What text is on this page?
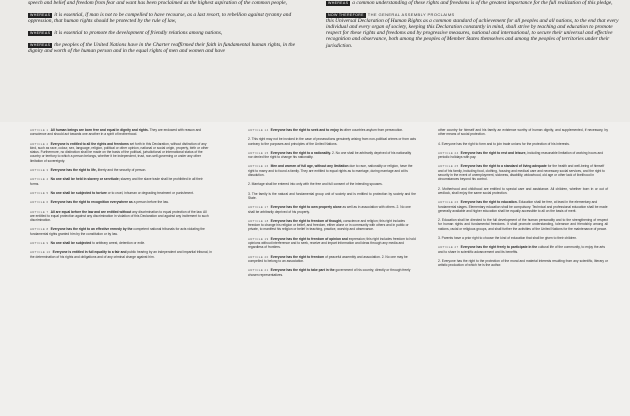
speech and belief and freedom from fear and want has been proclaimed as the highest aspiration of the common people,

WHEREAS it is essential, if man is not to be compelled to have recourse, as a last resort, to rebellion against tyranny and oppression, that human rights should be protected by the rule of law,

WHEREAS it is essential to promote the development of friendly relations among nations,

WHEREAS the peoples of the United Nations have in the Charter reaffirmed their faith in fundamental human rights, in the dignity and worth of the human person and in the equal rights of men and women and have

WHEREAS a common understanding of these rights and freedoms is of the greatest importance for the full realization of this pledge,

NOW THEREFORE THE GENERAL ASSEMBLY PROCLAIMS
this Universal Declaration of Human Rights as a common standard of achievement for all peoples and all nations, to the end that every individual and every organ of society, keeping this Declaration constantly in mind, shall strive by teaching and education to promote respect for these rights and freedoms and by progressive measures, national and international, to secure their universal and effective recognition and observance, both among the peoples of Member States themselves and among the peoples of territories under their jurisdiction.

ARTICLE 1 All human beings are born free and equal in dignity and rights. They are endowed with reason and conscience and should act towards one another in a spirit of brotherhood.

ARTICLE 2 Everyone is entitled to all the rights and freedoms set forth in this Declaration, without distinction of any kind, such as race, colour, sex, language, religion, political or other opinion, national or social origin, property, birth or other status. Furthermore, no distinction shall be made on the basis of the political, jurisdictional or international status of the country or territory to which a person belongs, whether it be independent, trust, non-self-governing or under any other limitation of sovereignty.

ARTICLE 3 Everyone has the right to life, liberty and the security of person.

ARTICLE 4 No one shall be held in slavery or servitude; slavery and the slave trade shall be prohibited in all their forms.

ARTICLE 5 No one shall be subjected to torture or to cruel, inhuman or degrading treatment or punishment.

ARTICLE 6 Everyone has the right to recognition everywhere as a person before the law.

ARTICLE 7 All are equal before the law and are entitled without any discrimination to equal protection of the law. All are entitled to equal protection against any discrimination in violation of this Declaration and against any incitement to such discrimination.

ARTICLE 8 Everyone has the right to an effective remedy by the competent national tribunals for acts violating the fundamental rights granted him by the constitution or by law.

ARTICLE 9 No one shall be subjected to arbitrary arrest, detention or exile.

ARTICLE 10 Everyone is entitled in full equality to a fair and public hearing by an independent and impartial tribunal, in the determination of his rights and obligations and of any criminal charge against him.

ARTICLE 14 Everyone has the right to seek and to enjoy in other countries asylum from persecution.

2. This right may not be invoked in the case of prosecutions genuinely arising from non-political crimes or from acts contrary to the purposes and principles of the United Nations.

ARTICLE 15 Everyone has the right to a nationality. 2. No one shall be arbitrarily deprived of his nationality nor denied the right to change his nationality.

ARTICLE 16 Men and women of full age, without any limitation due to race, nationality or religion, have the right to marry and to found a family. They are entitled to equal rights as to marriage, during marriage and at its dissolution.

2. Marriage shall be entered into only with the free and full consent of the intending spouses.

3. The family is the natural and fundamental group unit of society and is entitled to protection by society and the State.

ARTICLE 17 Everyone has the right to own property alone as well as in association with others. 2. No one shall be arbitrarily deprived of his property.

ARTICLE 18 Everyone has the right to freedom of thought, conscience and religion; this right includes freedom to change his religion or belief, and freedom, either alone or in community with others and in public or private, to manifest his religion or belief in teaching, practice, worship and observance.

ARTICLE 19 Everyone has the right to freedom of opinion and expression; this right includes freedom to hold opinions without interference and to seek, receive and impart information and ideas through any media and regardless of frontiers.

ARTICLE 20 Everyone has the right to freedom of peaceful assembly and association. 2. No one may be compelled to belong to an association.

ARTICLE 21 Everyone has the right to take part in the government of his country, directly or through freely chosen representatives.

other country for himself and his family an existence worthy of human dignity, and supplemented, if necessary, by other means of social protection.

4. Everyone has the right to form and to join trade unions for the protection of his interests.

ARTICLE 24 Everyone has the right to rest and leisure, including reasonable limitation of working hours and periodic holidays with pay.

ARTICLE 25 Everyone has the right to a standard of living adequate for the health and well-being of himself and of his family, including food, clothing, housing and medical care and necessary social services, and the right to security in the event of unemployment, sickness, disability, widowhood, old age or other lack of livelihood in circumstances beyond his control.

2. Motherhood and childhood are entitled to special care and assistance. All children, whether born in or out of wedlock, shall enjoy the same social protection.

ARTICLE 26 Everyone has the right to education. Education shall be free, at least in the elementary and fundamental stages. Elementary education shall be compulsory. Technical and professional education shall be made generally available and higher education shall be equally accessible to all on the basis of merit.

2. Education shall be directed to the full development of the human personality and to the strengthening of respect for human rights and fundamental freedoms. It shall promote understanding, tolerance and friendship among all nations, racial or religious groups, and shall further the activities of the United Nations for the maintenance of peace.

3. Parents have a prior right to choose the kind of education that shall be given to their children.

ARTICLE 27 Everyone has the right freely to participate in the cultural life of the community, to enjoy the arts and to share in scientific advancement and its benefits.

2. Everyone has the right to the protection of the moral and material interests resulting from any scientific, literary or artistic production of which he is the author.
